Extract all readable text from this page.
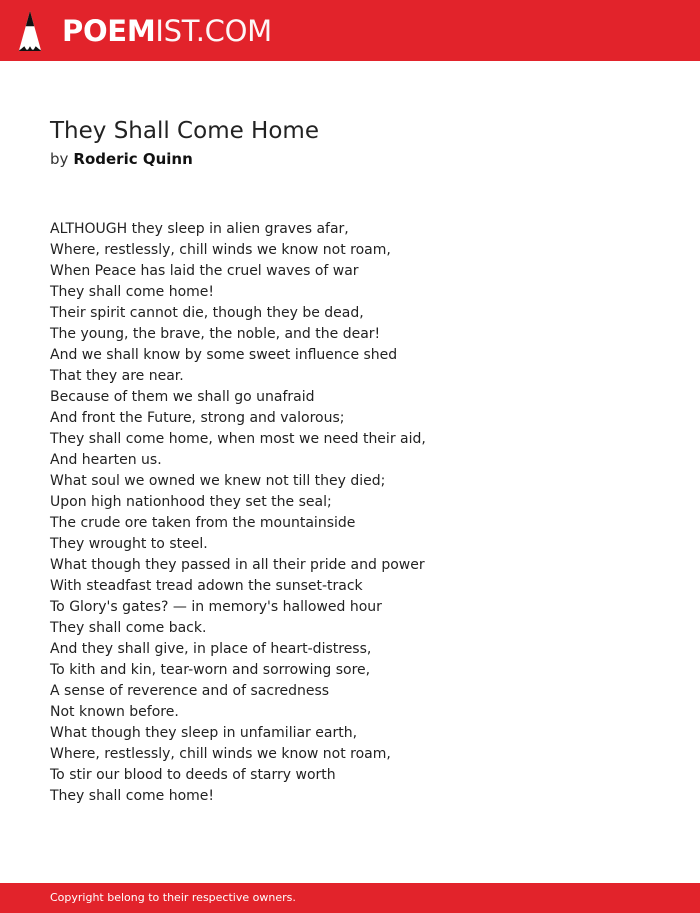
POEMIST.COM
They Shall Come Home
by Roderic Quinn
ALTHOUGH they sleep in alien graves afar,
Where, restlessly, chill winds we know not roam,
When Peace has laid the cruel waves of war
They shall come home!
Their spirit cannot die, though they be dead,
The young, the brave, the noble, and the dear!
And we shall know by some sweet influence shed
That they are near.
Because of them we shall go unafraid
And front the Future, strong and valorous;
They shall come home, when most we need their aid,
And hearten us.
What soul we owned we knew not till they died;
Upon high nationhood they set the seal;
The crude ore taken from the mountainside
They wrought to steel.
What though they passed in all their pride and power
With steadfast tread adown the sunset-track
To Glory's gates? — in memory's hallowed hour
They shall come back.
And they shall give, in place of heart-distress,
To kith and kin, tear-worn and sorrowing sore,
A sense of reverence and of sacredness
Not known before.
What though they sleep in unfamiliar earth,
Where, restlessly, chill winds we know not roam,
To stir our blood to deeds of starry worth
They shall come home!
Copyright belong to their respective owners.
